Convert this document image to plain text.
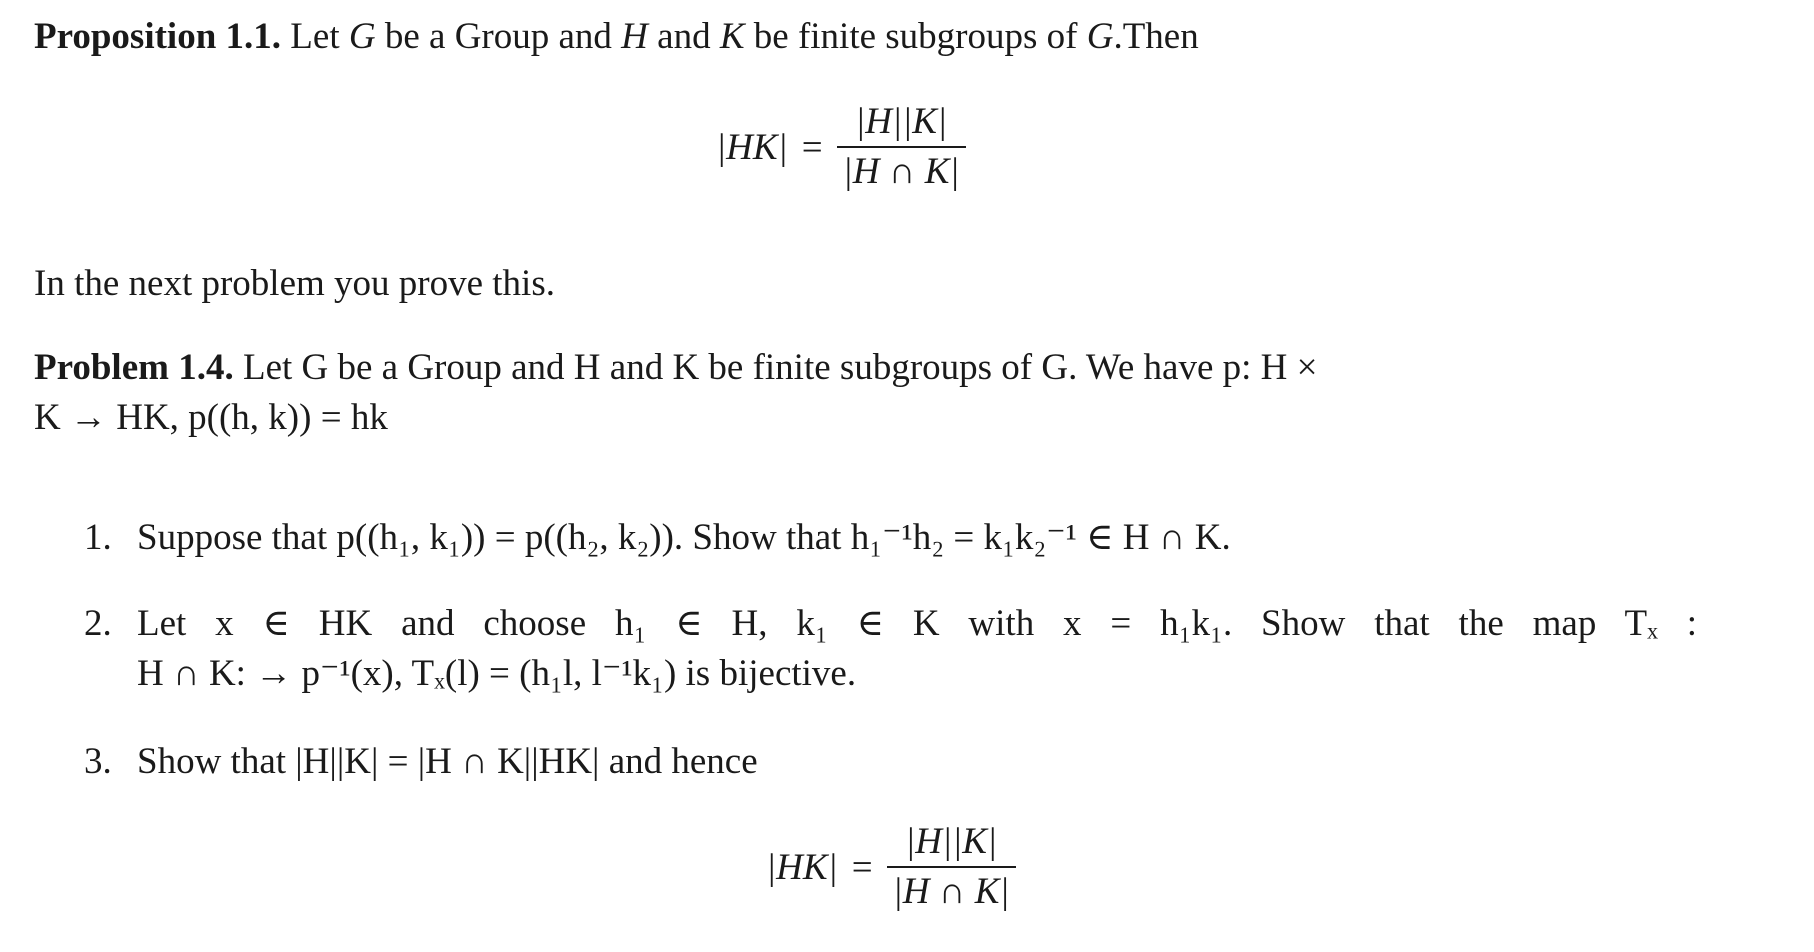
Proposition 1.1. Let G be a Group and H and K be finite subgroups of G.Then
$|HK| = \frac{|H||K|}{|H \cap K|}$
In the next problem you prove this.
Problem 1.4. Let G be a Group and H and K be finite subgroups of G. We have p: H ×
K → HK, p((h, k)) = hk
1. Suppose that p((h₁, k₁)) = p((h₂, k₂)). Show that h₁⁻¹h₂ = k₁k₂⁻¹ ∈ H ∩ K.
2. Let x ∈ HK and choose h₁ ∈ H, k₁ ∈ K with x = h₁k₁. Show that the map Tₓ :
H ∩ K: → p⁻¹(x), Tₓ(l) = (h₁l, l⁻¹k₁) is bijective.
3. Show that |H||K| = |H ∩ K||HK| and hence
$|HK| = \frac{|H||K|}{|H \cap K|}$
